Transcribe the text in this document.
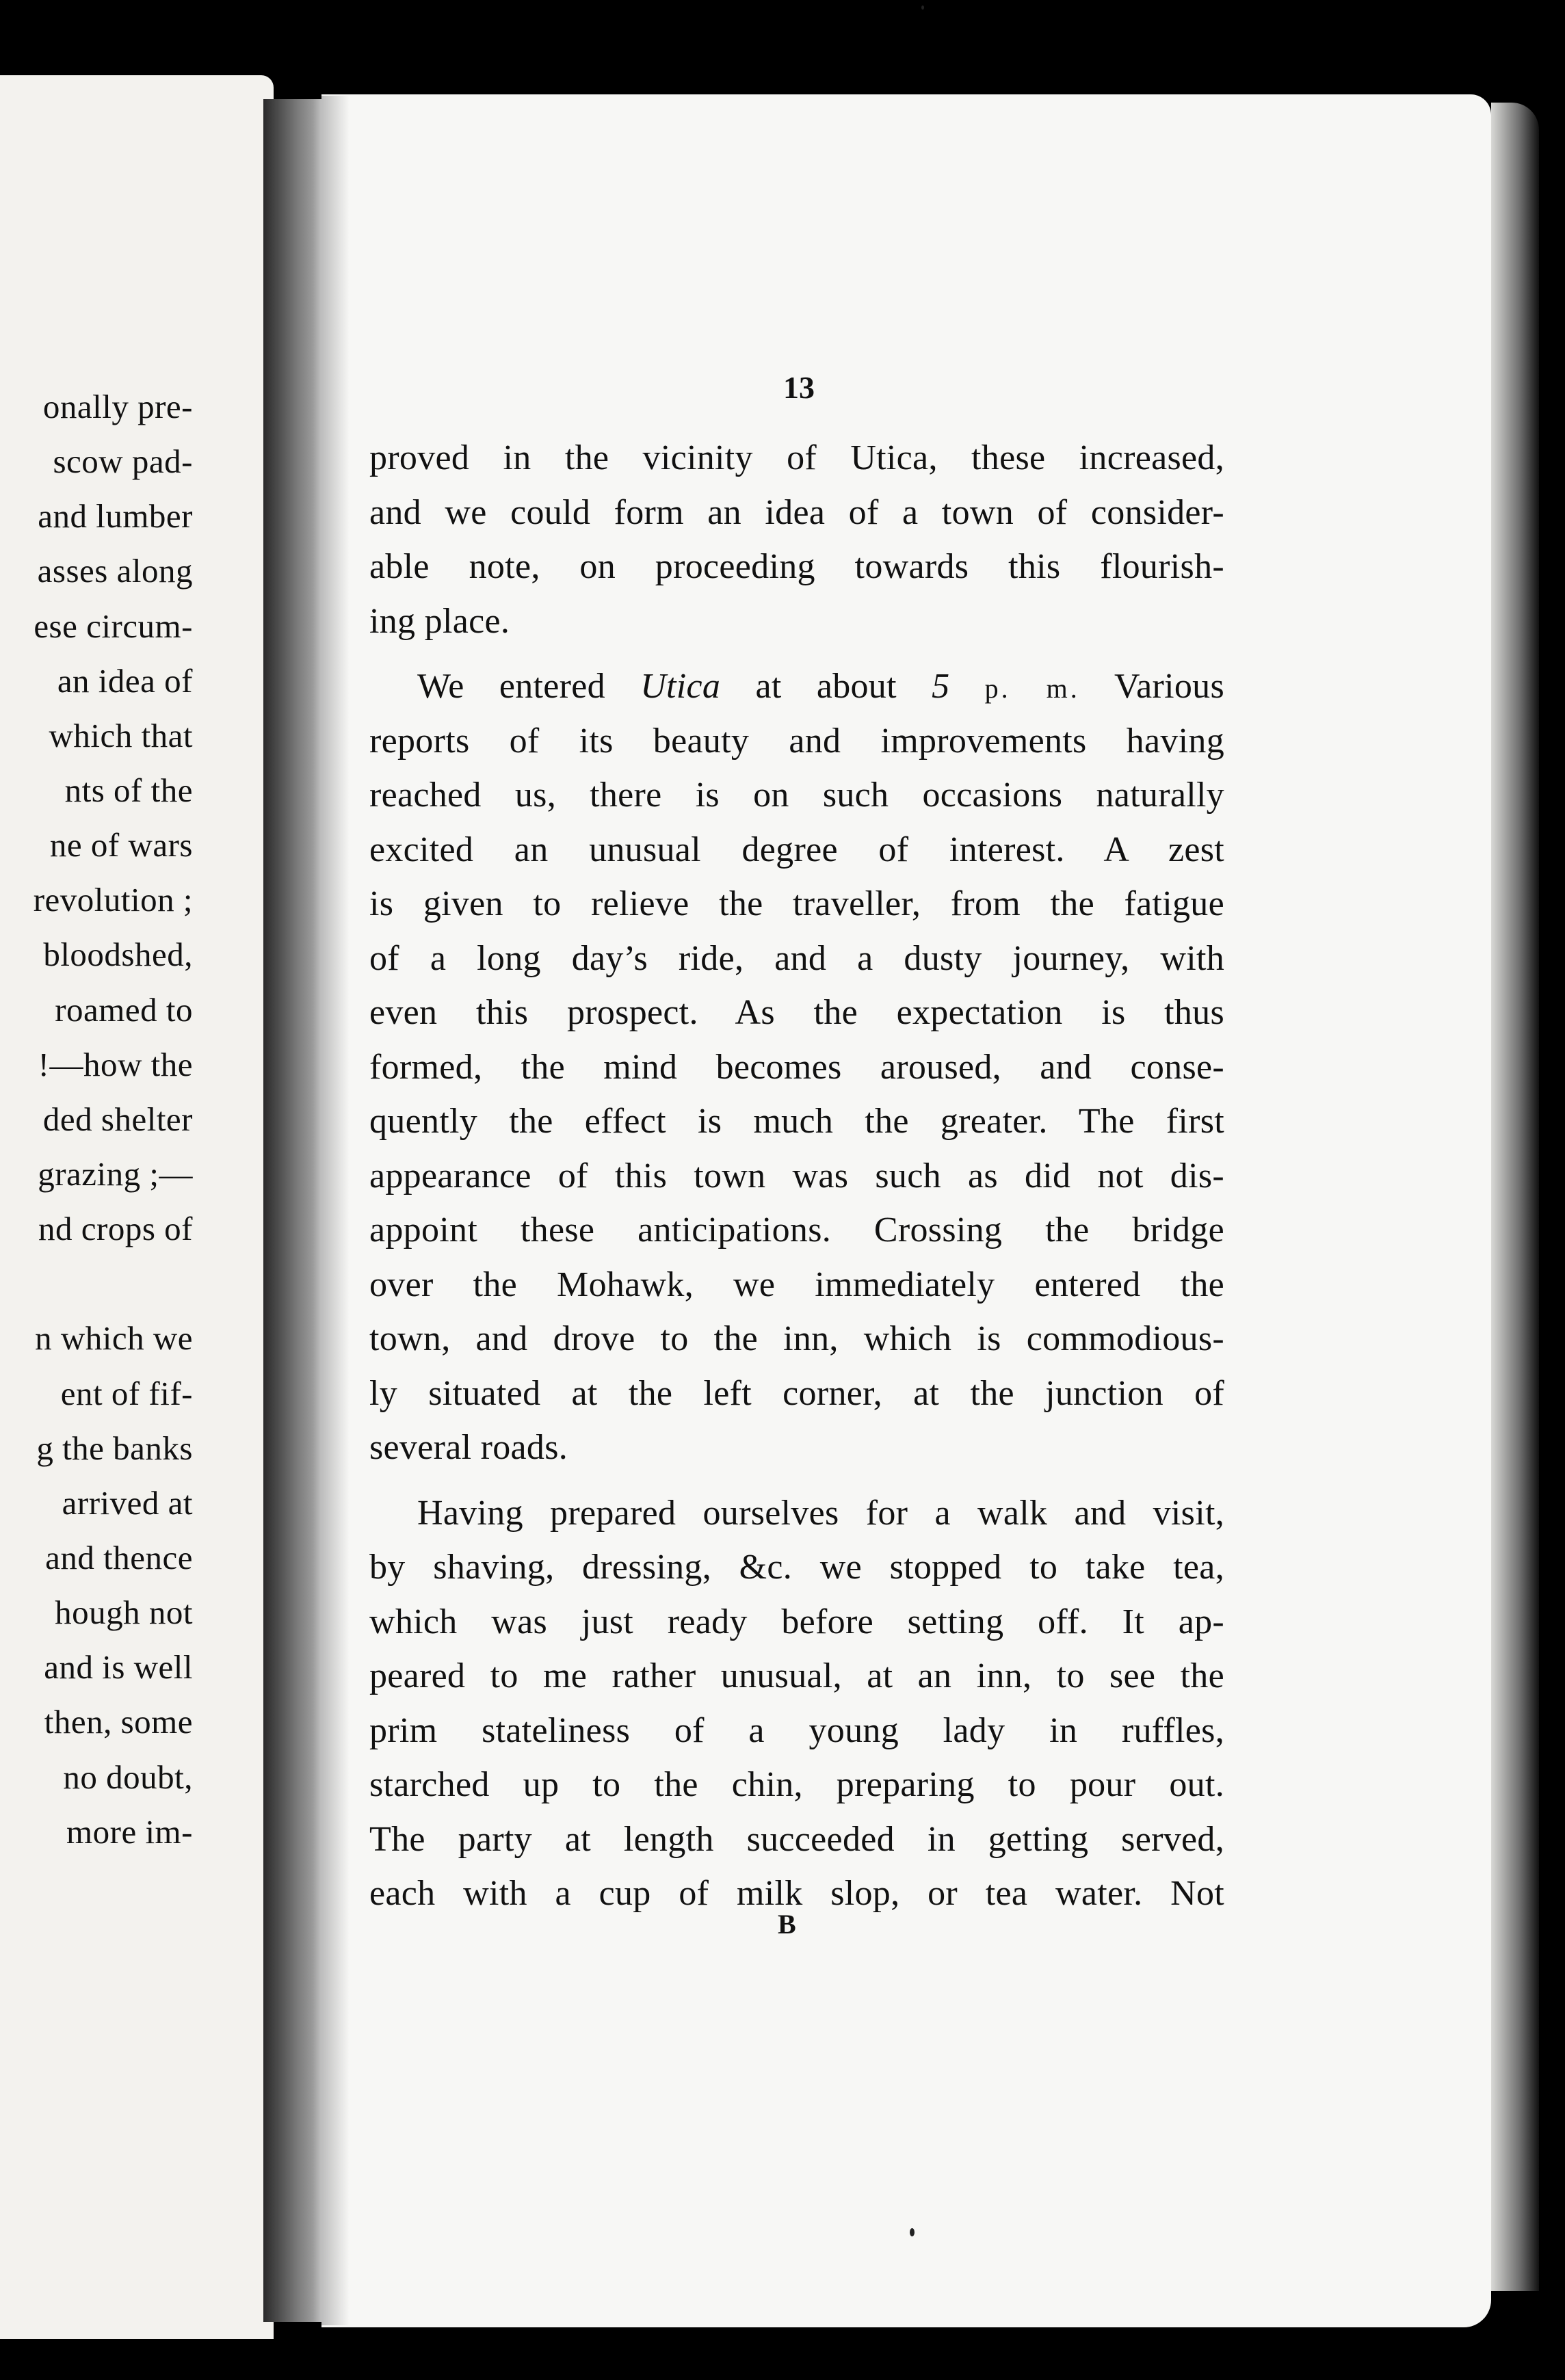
onally pre-
scow pad-
and lumber
asses along
ese circum-
an idea of
which that
nts of the
ne of wars
revolution ;
bloodshed,
roamed to
!—how the
ded shelter
grazing ;—
nd crops of
n which we
ent of fif-
g the banks
arrived at
and thence
hough not
and is well
then, some
no doubt,
more im-
13
proved in the vicinity of Utica, these increased,
and we could form an idea of a town of consider-
able note, on proceeding towards this flourish-
ing place.
We entered Utica at about 5 p. m. Various
reports of its beauty and improvements having
reached us, there is on such occasions naturally
excited an unusual degree of interest. A zest
is given to relieve the traveller, from the fatigue
of a long day’s ride, and a dusty journey, with
even this prospect. As the expectation is thus
formed, the mind becomes aroused, and conse-
quently the effect is much the greater. The first
appearance of this town was such as did not dis-
appoint these anticipations. Crossing the bridge
over the Mohawk, we immediately entered the
town, and drove to the inn, which is commodious-
ly situated at the left corner, at the junction of
several roads.
Having prepared ourselves for a walk and visit,
by shaving, dressing, &c. we stopped to take tea,
which was just ready before setting off. It ap-
peared to me rather unusual, at an inn, to see the
prim stateliness of a young lady in ruffles,
starched up to the chin, preparing to pour out.
The party at length succeeded in getting served,
each with a cup of milk slop, or tea water. Not
B
